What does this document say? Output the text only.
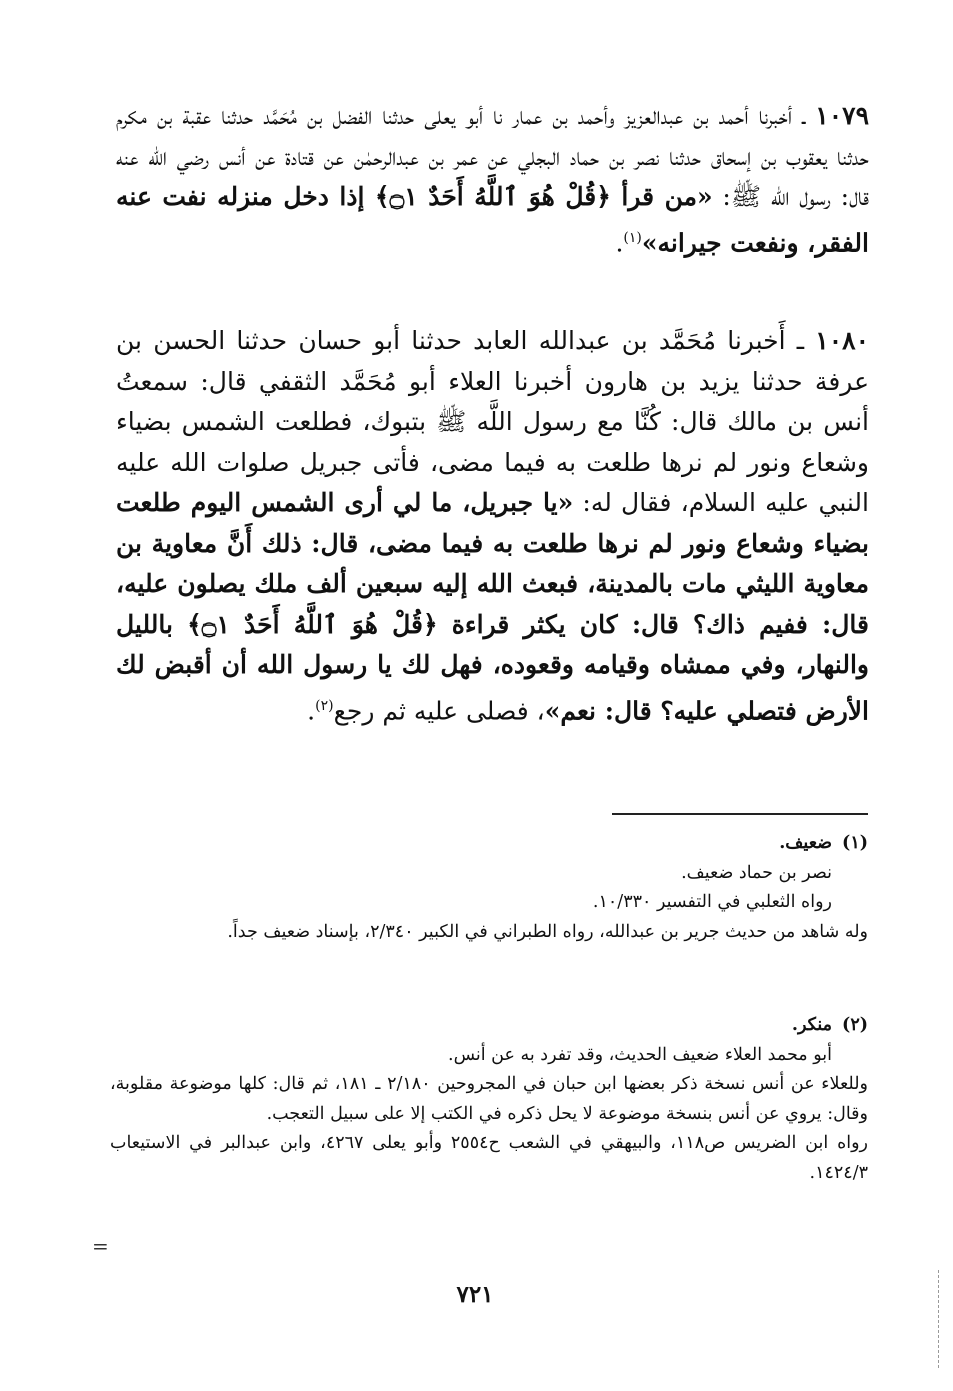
١٠٧٩ ـ أخبرنا أحمد بن عبدالعزيز وأحمد بن عمار نا أبو يعلى حدثنا الفضل بن مُحَمَّد حدثنا عقبة بن مكرم حدثنا يعقوب بن إسحاق حدثنا نصر بن حماد البجلي عن عمر بن عبدالرحمٰن عن قتادة عن أنس رضي الله عنه قال: رسول الله ﷺ: «من قرأ ﴿قُلْ هُوَ ٱللَّهُ أَحَدٌ ۝١﴾ إذا دخل منزله نفت عنه الفقر، ونفعت جيرانه»$^{(١)}$.
١٠٨٠ ـ أَخبرنا مُحَمَّد بن عبدالله العابد حدثنا أبو حسان حدثنا الحسن بن عرفة حدثنا يزيد بن هارون أخبرنا العلاء أبو مُحَمَّد الثقفي قال: سمعتُ أنس بن مالك قال: كُنَّا مع رسول اللَّه ﷺ بتبوك، فطلعت الشمس بضياء وشعاع ونور لم نرها طلعت به فيما مضى، فأتى جبريل صلوات الله عليه النبي عليه السلام، فقال له: «يا جبريل، ما لي أرى الشمس اليوم طلعت بضياء وشعاع ونور لم نرها طلعت به فيما مضى، قال: ذلك أَنَّ معاوية بن معاوية الليثي مات بالمدينة، فبعث الله إليه سبعين ألف ملك يصلون عليه، قال: ففيم ذاك؟ قال: كان يكثر قراءة ﴿قُلْ هُوَ ٱللَّهُ أَحَدٌ ۝١﴾ بالليل والنهار، وفي ممشاه وقيامه وقعوده، فهل لك يا رسول الله أن أقبض لك الأرض فتصلي عليه؟ قال: نعم»، فصلى عليه ثم رجع$^{(٢)}$.
(١)ضعيف.
نصر بن حماد ضعيف.
رواه الثعلبي في التفسير ١٠/٣٣٠.
وله شاهد من حديث جرير بن عبدالله، رواه الطبراني في الكبير ٢/٣٤٠، بإسناد ضعيف جداً.
(٢)منكر.
أبو محمد العلاء ضعيف الحديث، وقد تفرد به عن أنس.
وللعلاء عن أنس نسخة ذكر بعضها ابن حبان في المجروحين ٢/١٨٠ ـ ١٨١، ثم قال: كلها موضوعة مقلوبة، وقال: يروي عن أنس بنسخة موضوعة لا يحل ذكره في الكتب إلا على سبيل التعجب.
رواه ابن الضريس ص١١٨، والبيهقي في الشعب ح٢٥٥٤ وأبو يعلى ٤٢٦٧، وابن عبدالبر في الاستيعاب ١٤٢٤/٣.
=
٧٢١
